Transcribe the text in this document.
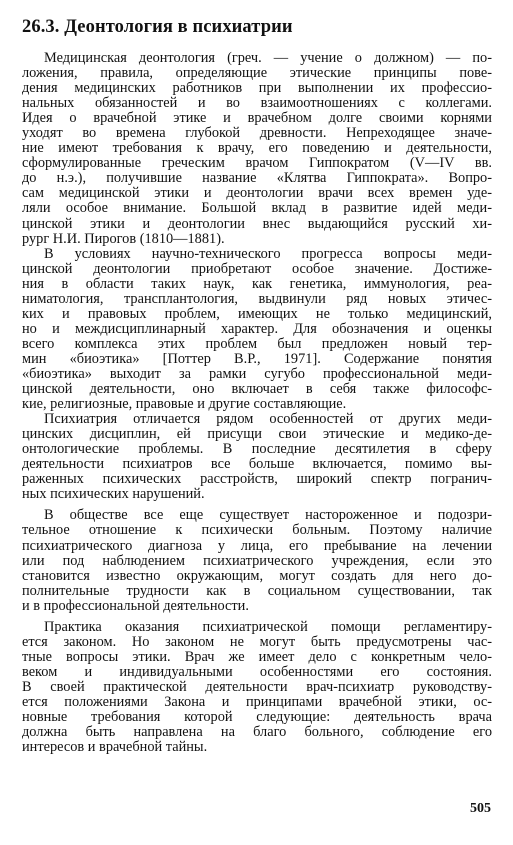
26.3. Деонтология в психиатрии
Медицинская деонтология (греч. — учение о должном) — по-
ложения, правила, определяющие этические принципы пове-
дения медицинских работников при выполнении их профессио-
нальных обязанностей и во взаимоотношениях с коллегами.
Идея о врачебной этике и врачебном долге своими корнями
уходят во времена глубокой древности. Непреходящее значе-
ние имеют требования к врачу, его поведению и деятельности,
сформулированные греческим врачом Гиппократом (V—IV вв.
до н.э.), получившие название «Клятва Гиппократа». Вопро-
сам медицинской этики и деонтологии врачи всех времен уде-
ляли особое внимание. Большой вклад в развитие идей меди-
цинской этики и деонтологии внес выдающийся русский хи-
рург Н.И. Пирогов (1810—1881).
В условиях научно-технического прогресса вопросы меди-
цинской деонтологии приобретают особое значение. Достиже-
ния в области таких наук, как генетика, иммунология, реа-
ниматология, трансплантология, выдвинули ряд новых этичес-
ких и правовых проблем, имеющих не только медицинский,
но и междисциплинарный характер. Для обозначения и оценкы
всего комплекса этих проблем был предложен новый тер-
мин «биоэтика» [Поттер В.Р., 1971]. Содержание понятия
«биоэтика» выходит за рамки сугубо профессиональной меди-
цинской деятельности, оно включает в себя также философс-
кие, религиозные, правовые и другие составляющие.
Психиатрия отличается рядом особенностей от других меди-
цинских дисциплин, ей присущи свои этические и медико-де-
онтологические проблемы. В последние десятилетия в сферу
деятельности психиатров все больше включается, помимо вы-
раженных психических расстройств, широкий спектр погранич-
ных психических нарушений.
В обществе все еще существует настороженное и подозри-
тельное отношение к психически больным. Поэтому наличие
психиатрического диагноза у лица, его пребывание на лечении
или под наблюдением психиатрического учреждения, если это
становится известно окружающим, могут создать для него до-
полнительные трудности как в социальном существовании, так
и в профессиональной деятельности.
Практика оказания психиатрической помощи регламентиру-
ется законом. Но законом не могут быть предусмотрены час-
тные вопросы этики. Врач же имеет дело с конкретным чело-
веком и индивидуальными особенностями его состояния.
В своей практической деятельности врач-психиатр руководству-
ется положениями Закона и принципами врачебной этики, ос-
новные требования которой следующие: деятельность врача
должна быть направлена на благо больного, соблюдение его
интересов и врачебной тайны.
505
